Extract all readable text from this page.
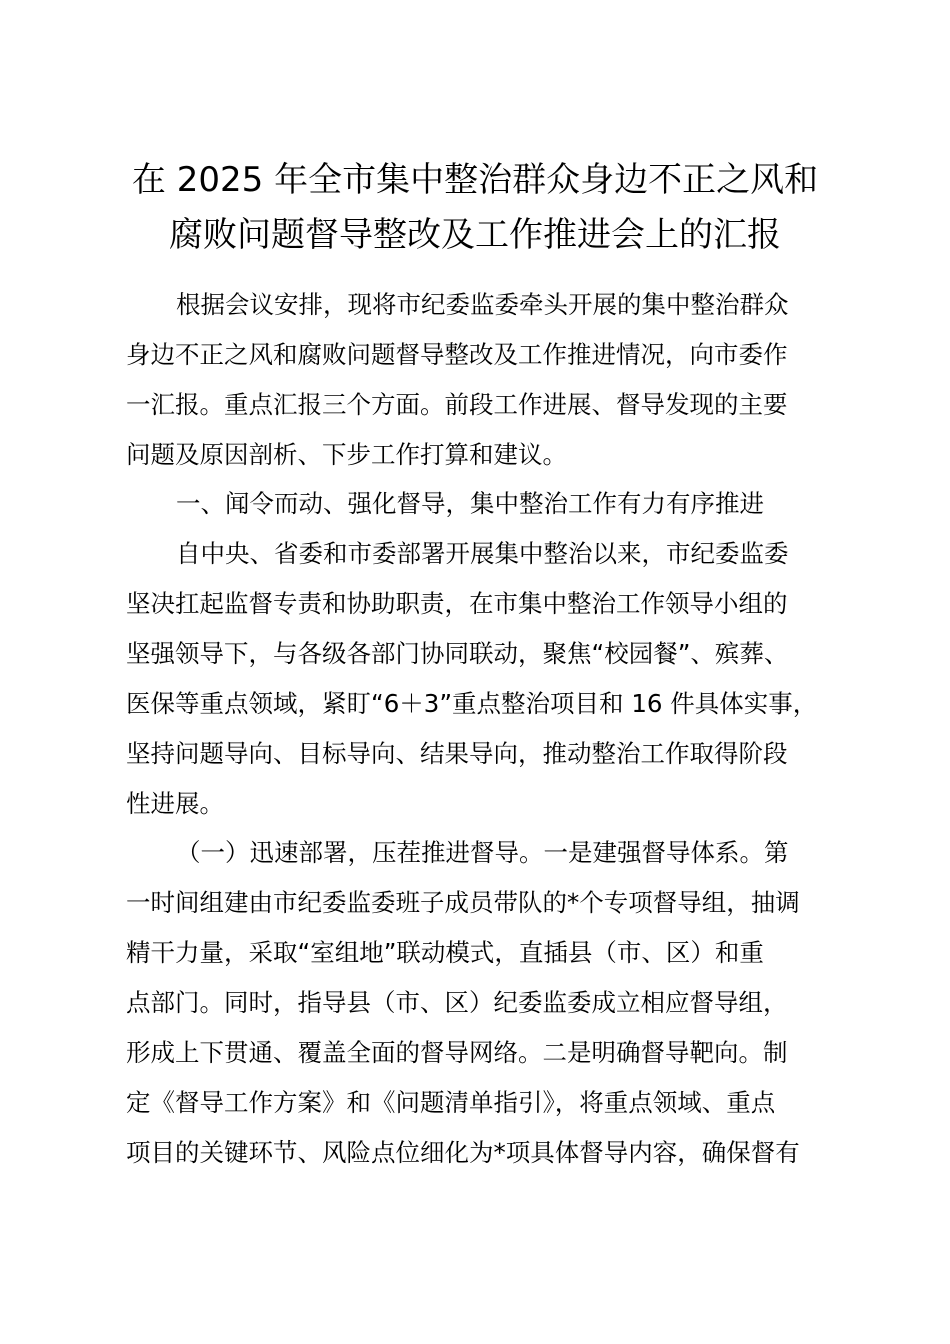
在 2025 年全市集中整治群众身边不正之风和
腐败问题督导整改及工作推进会上的汇报
根据会议安排，现将市纪委监委牵头开展的集中整治群众
身边不正之风和腐败问题督导整改及工作推进情况，向市委作
一汇报。重点汇报三个方面。前段工作进展、督导发现的主要
问题及原因剖析、下步工作打算和建议。
一、闻令而动、强化督导，集中整治工作有力有序推进
自中央、省委和市委部署开展集中整治以来，市纪委监委
坚决扛起监督专责和协助职责，在市集中整治工作领导小组的
坚强领导下，与各级各部门协同联动，聚焦“校园餐”、殡葬、
医保等重点领域，紧盯“6＋3”重点整治项目和 16 件具体实事，
坚持问题导向、目标导向、结果导向，推动整治工作取得阶段
性进展。
（一）迅速部署，压茬推进督导。一是建强督导体系。第
一时间组建由市纪委监委班子成员带队的*个专项督导组，抽调
精干力量，采取“室组地”联动模式，直插县（市、区）和重
点部门。同时，指导县（市、区）纪委监委成立相应督导组，
形成上下贯通、覆盖全面的督导网络。二是明确督导靶向。制
定《督导工作方案》和《问题清单指引》，将重点领域、重点
项目的关键环节、风险点位细化为*项具体督导内容，确保督有
